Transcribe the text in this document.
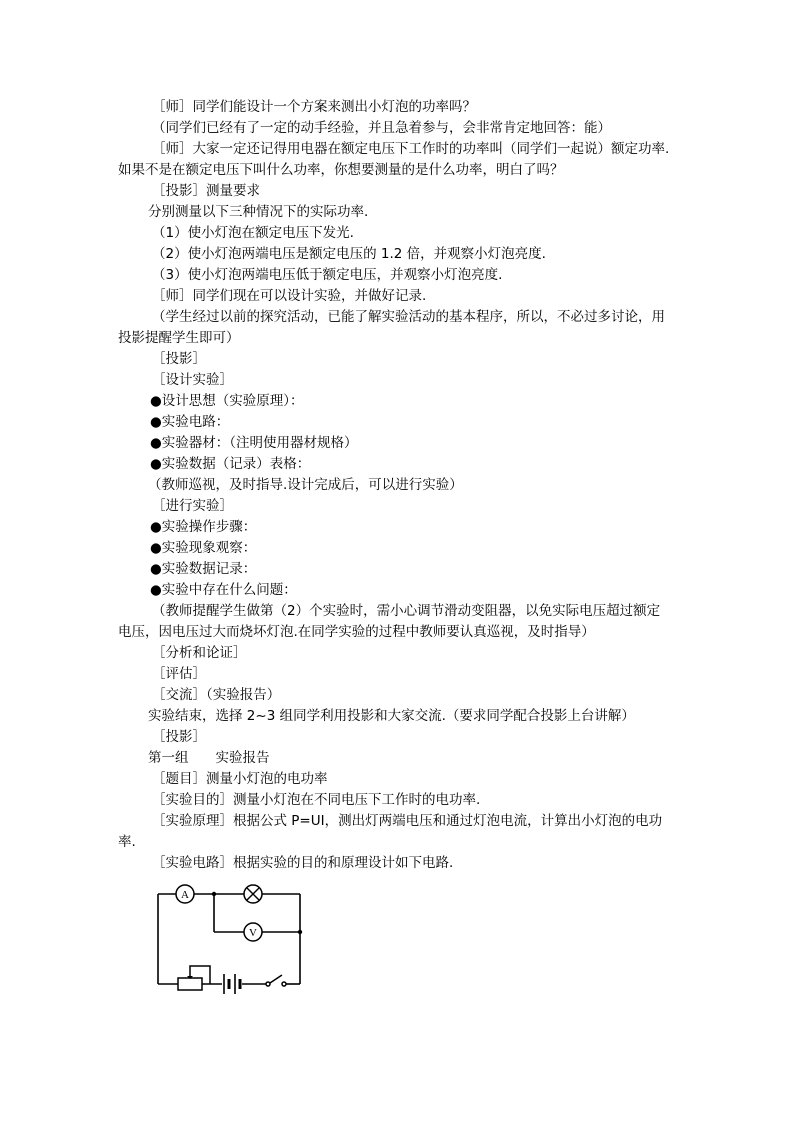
［师］同学们能设计一个方案来测出小灯泡的功率吗？
（同学们已经有了一定的动手经验，并且急着参与，会非常肯定地回答：能）
［师］大家一定还记得用电器在额定电压下工作时的功率叫（同学们一起说）额定功率.
如果不是在额定电压下叫什么功率，你想要测量的是什么功率，明白了吗？
［投影］测量要求
分别测量以下三种情况下的实际功率.
（1）使小灯泡在额定电压下发光.
（2）使小灯泡两端电压是额定电压的 1.2 倍，并观察小灯泡亮度.
（3）使小灯泡两端电压低于额定电压，并观察小灯泡亮度.
［师］同学们现在可以设计实验，并做好记录.
（学生经过以前的探究活动，已能了解实验活动的基本程序，所以，不必过多讨论，用
投影提醒学生即可）
［投影］
［设计实验］
●设计思想（实验原理）：
●实验电路：
●实验器材：（注明使用器材规格）
●实验数据（记录）表格：
（教师巡视，及时指导.设计完成后，可以进行实验）
［进行实验］
●实验操作步骤：
●实验现象观察：
●实验数据记录：
●实验中存在什么问题：
（教师提醒学生做第（2）个实验时，需小心调节滑动变阻器，以免实际电压超过额定
电压，因电压过大而烧坏灯泡.在同学实验的过程中教师要认真巡视，及时指导）
［分析和论证］
［评估］
［交流］（实验报告）
实验结束，选择 2~3 组同学利用投影和大家交流.（要求同学配合投影上台讲解）
［投影］
第一组　　实验报告
［题目］测量小灯泡的电功率
［实验目的］测量小灯泡在不同电压下工作时的电功率.
［实验原理］根据公式 P=UI，测出灯两端电压和通过灯泡电流，计算出小灯泡的电功
率.
［实验电路］根据实验的目的和原理设计如下电路.
A
V
